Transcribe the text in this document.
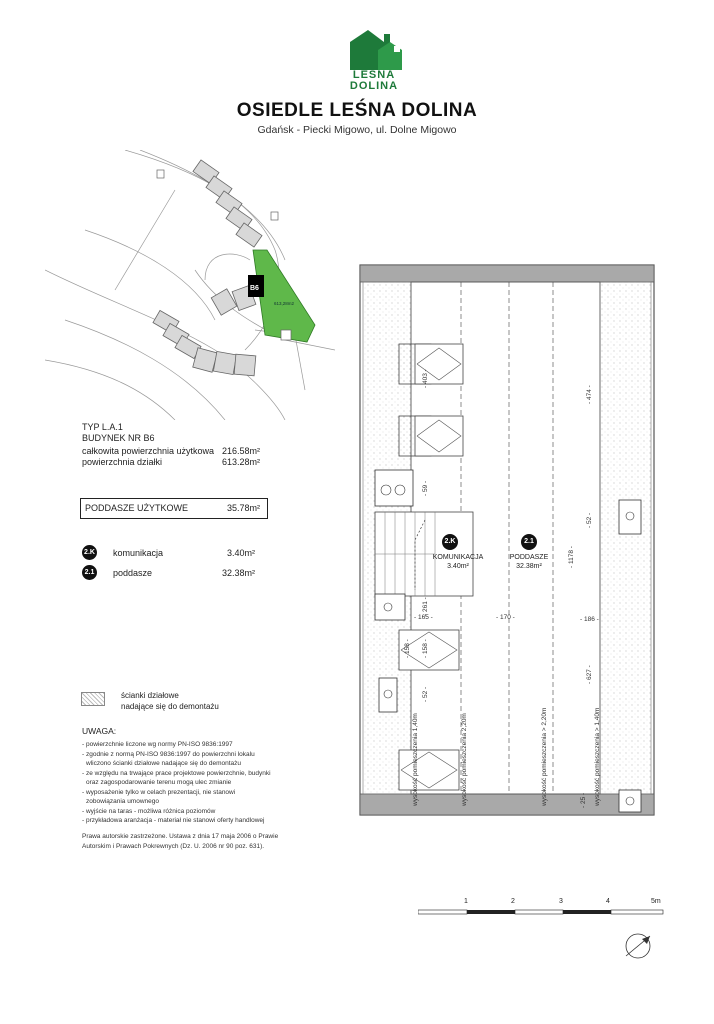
LEŚNA
DOLINA
OSIEDLE LEŚNA DOLINA
Gdańsk - Piecki Migowo, ul. Dolne Migowo
B6
613,28m2
TYP L.A.1
BUDYNEK NR B6
całkowita powierzchnia użytkowa 216.58m²
powierzchnia działki	613.28m²
PODDASZE UŻYTKOWE	35.78m²
2.K komunikacja	3.40m²
2.1 poddasze	32.38m²
ścianki działowe
nadające się do demontażu
UWAGA:
- powierzchnie liczone wg normy PN-ISO 9836:1997
- zgodnie z normą PN-ISO 9836:1997 do powierzchni lokalu
wliczono ścianki działowe nadające się do demontażu
- ze względu na trwające prace projektowe powierzchnie, budynki
oraz zagospodarowanie terenu mogą ulec zmianie
- wyposażenie tylko w celach prezentacji, nie stanowi
zobowiązania umownego
- wyjście na taras - możliwa różnica poziomów
- przykładowa aranżacja - materiał nie stanowi oferty handlowej
Prawa autorskie zastrzeżone. Ustawa z dnia 17 maja 2006 o Prawie
Autorskim i Prawach Pokrewnych (Dz. U. 2006 nr 90 poz. 631).
2.K	2.1
KOMUNIKACJA
3.40m²
PODDASZE
32.38m²
- 403 -
- 474 -
- 59 -
- 52 -
- 1178 -
- 261 -
- 165 -	- 170 -	- 186 -
- 158 - - 158 -
- 52 -
- 627 -
- 25 -
wysokość pomieszczenia 1,40m	wysokość pomieszczenia 2,20m	wysokość pomieszczenia > 2,20m	wysokość pomieszczenia > 1,40m
1	2	3	4	5m
